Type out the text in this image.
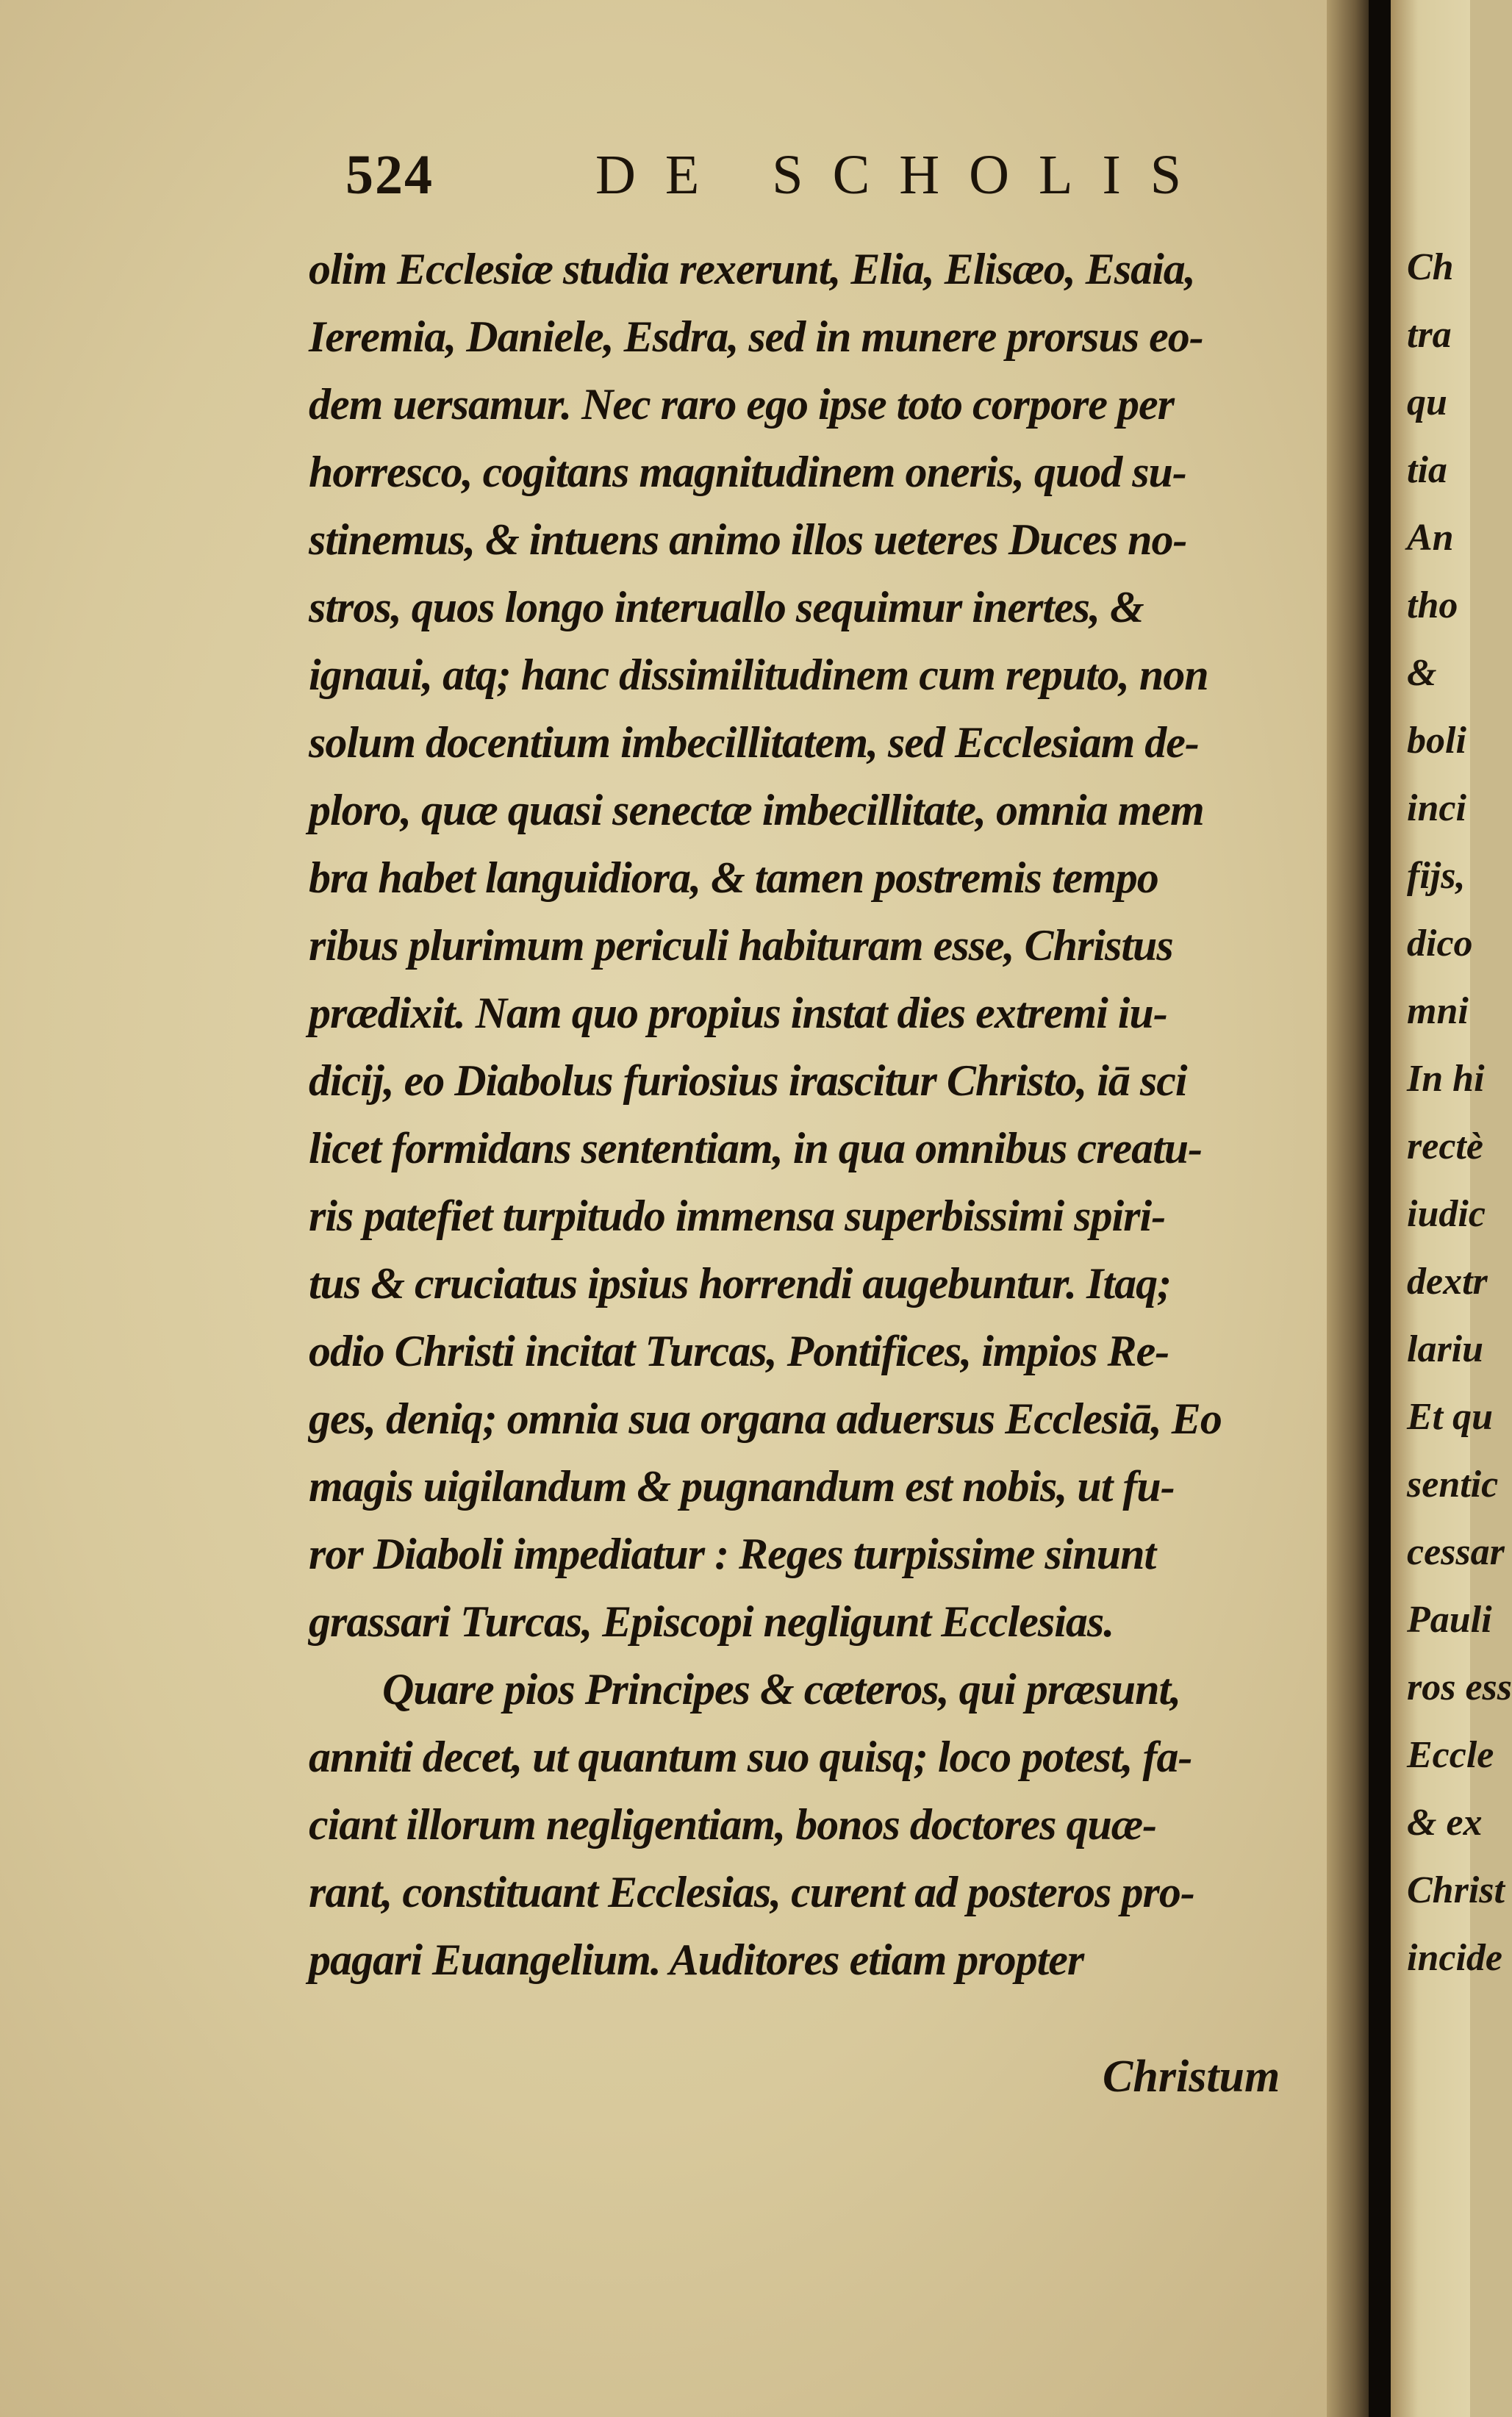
524	DE SCHOLIS
olim Ecclesiæ studia rexerunt, Elia, Elisæo, Esaia,
Ieremia, Daniele, Esdra, sed in munere prorsus eo-
dem uersamur. Nec raro ego ipse toto corpore per
horresco, cogitans magnitudinem oneris, quod su-
stinemus, & intuens animo illos ueteres Duces no-
stros, quos longo interuallo sequimur inertes, &
ignaui, atq; hanc dissimilitudinem cum reputo, non
solum docentium imbecillitatem, sed Ecclesiam de-
ploro, quæ quasi senectæ imbecillitate, omnia mem
bra habet languidiora, & tamen postremis tempo
ribus plurimum periculi habituram esse, Christus
prædixit. Nam quo propius instat dies extremi iu-
dicij, eo Diabolus furiosius irascitur Christo, iā sci
licet formidans sententiam, in qua omnibus creatu-
ris patefiet turpitudo immensa superbissimi spiri-
tus & cruciatus ipsius horrendi augebuntur. Itaq;
odio Christi incitat Turcas, Pontifices, impios Re-
ges, deniq; omnia sua organa aduersus Ecclesiā, Eo
magis uigilandum & pugnandum est nobis, ut fu-
ror Diaboli impediatur : Reges turpissime sinunt
grassari Turcas, Episcopi negligunt Ecclesias.
Quare pios Principes & cæteros, qui præsunt,
anniti decet, ut quantum suo quisq; loco potest, fa-
ciant illorum negligentiam, bonos doctores quæ-
rant, constituant Ecclesias, curent ad posteros pro-
pagari Euangelium. Auditores etiam propter
Christum
Ch
tra
qu
tia
An
tho
&
boli
inci
fijs,
dico
mni
In hi
rectè
iudic
dextr
lariu
Et qu
sentic
cessar
Pauli
ros ess
Eccle
& ex
Christ
incide
